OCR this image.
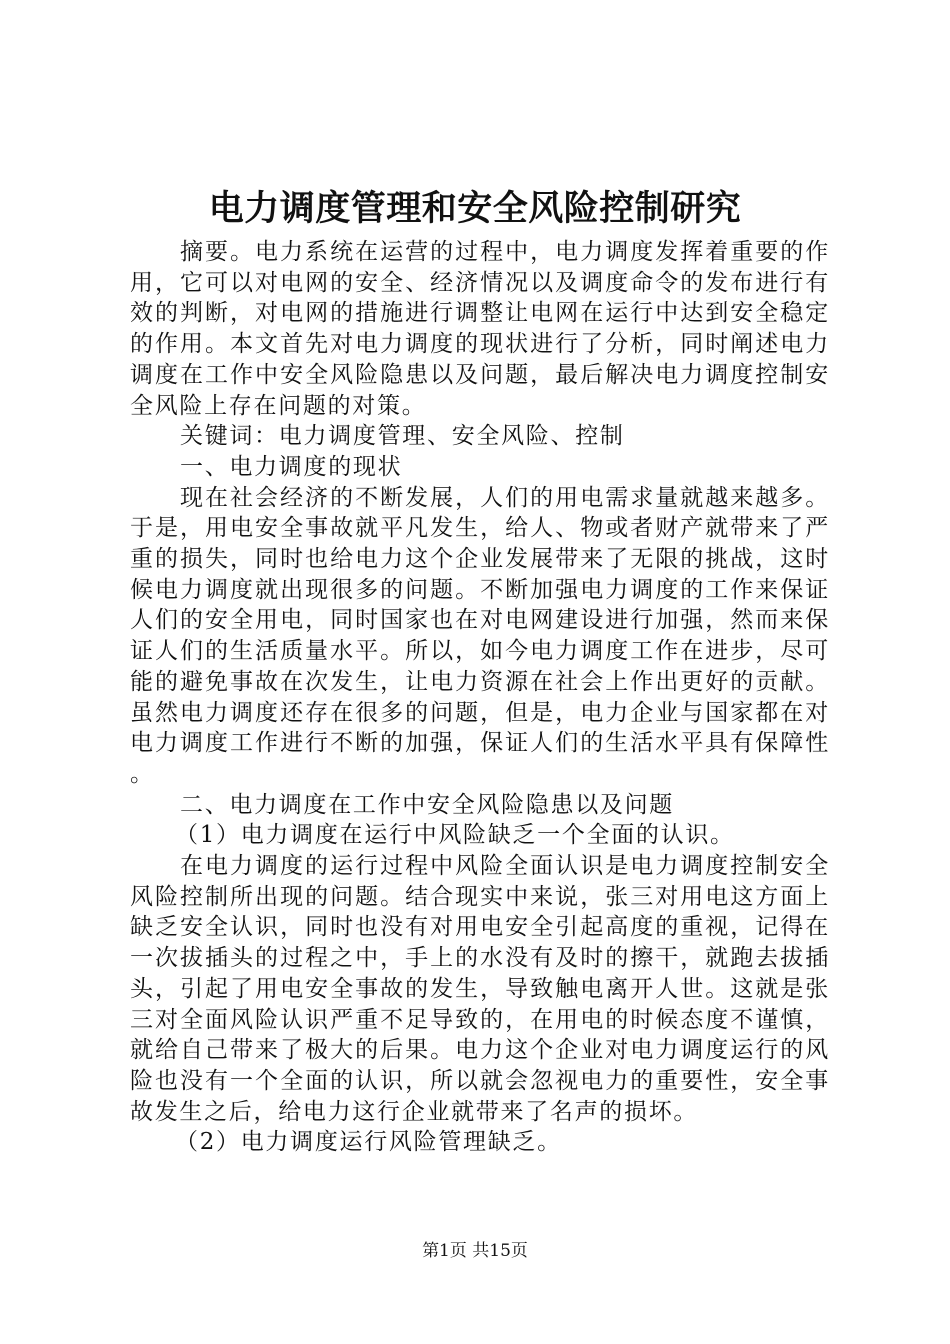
电力调度管理和安全风险控制研究

摘要。电力系统在运营的过程中，电力调度发挥着重要的作用，它可以对电网的安全、经济情况以及调度命令的发布进行有效的判断，对电网的措施进行调整让电网在运行中达到安全稳定的作用。本文首先对电力调度的现状进行了分析，同时阐述电力调度在工作中安全风险隐患以及问题，最后解决电力调度控制安全风险上存在问题的对策。

关键词：电力调度管理、安全风险、控制

一、电力调度的现状

现在社会经济的不断发展，人们的用电需求量就越来越多。于是，用电安全事故就平凡发生，给人、物或者财产就带来了严重的损失，同时也给电力这个企业发展带来了无限的挑战，这时候电力调度就出现很多的问题。不断加强电力调度的工作来保证人们的安全用电，同时国家也在对电网建设进行加强，然而来保证人们的生活质量水平。所以，如今电力调度工作在进步，尽可能的避免事故在次发生，让电力资源在社会上作出更好的贡献。虽然电力调度还存在很多的问题，但是，电力企业与国家都在对电力调度工作进行不断的加强，保证人们的生活水平具有保障性。

二、电力调度在工作中安全风险隐患以及问题

（1）电力调度在运行中风险缺乏一个全面的认识。

在电力调度的运行过程中风险全面认识是电力调度控制安全风险控制所出现的问题。结合现实中来说，张三对用电这方面上缺乏安全认识，同时也没有对用电安全引起高度的重视，记得在一次拔插头的过程之中，手上的水没有及时的擦干，就跑去拔插头，引起了用电安全事故的发生，导致触电离开人世。这就是张三对全面风险认识严重不足导致的，在用电的时候态度不谨慎，就给自己带来了极大的后果。电力这个企业对电力调度运行的风险也没有一个全面的认识，所以就会忽视电力的重要性，安全事故发生之后，给电力这行企业就带来了名声的损坏。

（2）电力调度运行风险管理缺乏。

第1页 共15页
